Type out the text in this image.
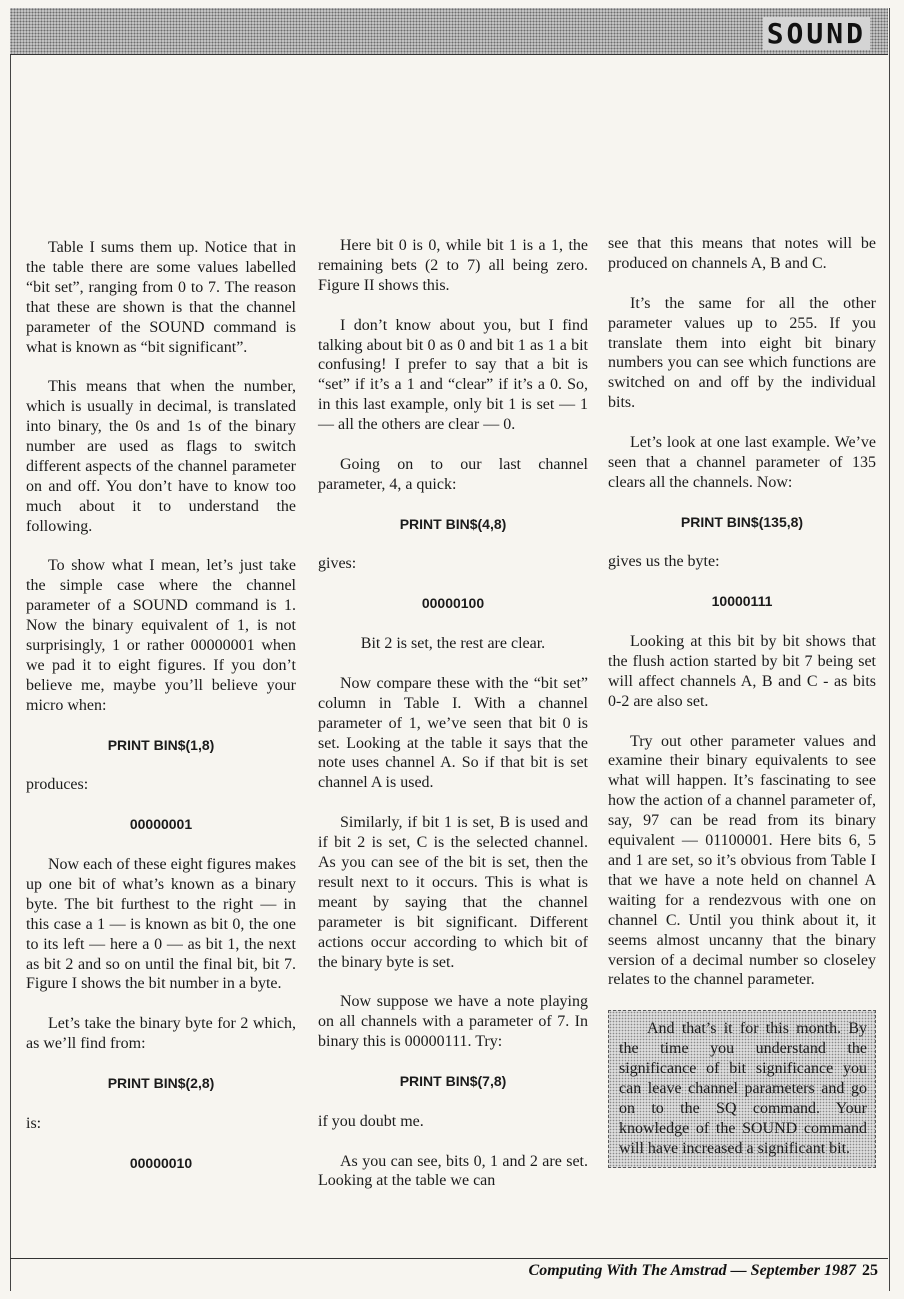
SOUND

Table I sums them up. Notice that in the table there are some values labelled “bit set”, ranging from 0 to 7. The reason that these are shown is that the channel parameter of the SOUND command is what is known as “bit significant”.

This means that when the number, which is usually in decimal, is translated into binary, the 0s and 1s of the binary number are used as flags to switch different aspects of the channel parameter on and off. You don’t have to know too much about it to understand the following.

To show what I mean, let’s just take the simple case where the channel parameter of a SOUND command is 1. Now the binary equivalent of 1, is not surprisingly, 1 or rather 00000001 when we pad it to eight figures. If you don’t believe me, maybe you’ll believe your micro when:

PRINT BIN$(1,8)

produces:

00000001

Now each of these eight figures makes up one bit of what’s known as a binary byte. The bit furthest to the right — in this case a 1 — is known as bit 0, the one to its left — here a 0 — as bit 1, the next as bit 2 and so on until the final bit, bit 7. Figure I shows the bit number in a byte.

Let’s take the binary byte for 2 which, as we’ll find from:

PRINT BIN$(2,8)

is:

00000010

Here bit 0 is 0, while bit 1 is a 1, the remaining bets (2 to 7) all being zero. Figure II shows this.

I don’t know about you, but I find talking about bit 0 as 0 and bit 1 as 1 a bit confusing! I prefer to say that a bit is “set” if it’s a 1 and “clear” if it’s a 0. So, in this last example, only bit 1 is set — 1 — all the others are clear — 0.

Going on to our last channel parameter, 4, a quick:

PRINT BIN$(4,8)

gives:

00000100

Bit 2 is set, the rest are clear.

Now compare these with the “bit set” column in Table I. With a channel parameter of 1, we’ve seen that bit 0 is set. Looking at the table it says that the note uses channel A. So if that bit is set channel A is used.

Similarly, if bit 1 is set, B is used and if bit 2 is set, C is the selected channel. As you can see of the bit is set, then the result next to it occurs. This is what is meant by saying that the channel parameter is bit significant. Different actions occur according to which bit of the binary byte is set.

Now suppose we have a note playing on all channels with a parameter of 7. In binary this is 00000111. Try:

PRINT BIN$(7,8)

if you doubt me.

As you can see, bits 0, 1 and 2 are set. Looking at the table we can

see that this means that notes will be produced on channels A, B and C.

It’s the same for all the other parameter values up to 255. If you translate them into eight bit binary numbers you can see which functions are switched on and off by the individual bits.

Let’s look at one last example. We’ve seen that a channel parameter of 135 clears all the channels. Now:

PRINT BIN$(135,8)

gives us the byte:

10000111

Looking at this bit by bit shows that the flush action started by bit 7 being set will affect channels A, B and C - as bits 0-2 are also set.

Try out other parameter values and examine their binary equivalents to see what will happen. It’s fascinating to see how the action of a channel parameter of, say, 97 can be read from its binary equivalent — 01100001. Here bits 6, 5 and 1 are set, so it’s obvious from Table I that we have a note held on channel A waiting for a rendezvous with one on channel C. Until you think about it, it seems almost uncanny that the binary version of a decimal number so closeley relates to the channel parameter.

And that’s it for this month. By the time you understand the significance of bit significance you can leave channel parameters and go on to the SQ command. Your knowledge of the SOUND command will have increased a significant bit.
Computing With The Amstrad — September 1987 25
